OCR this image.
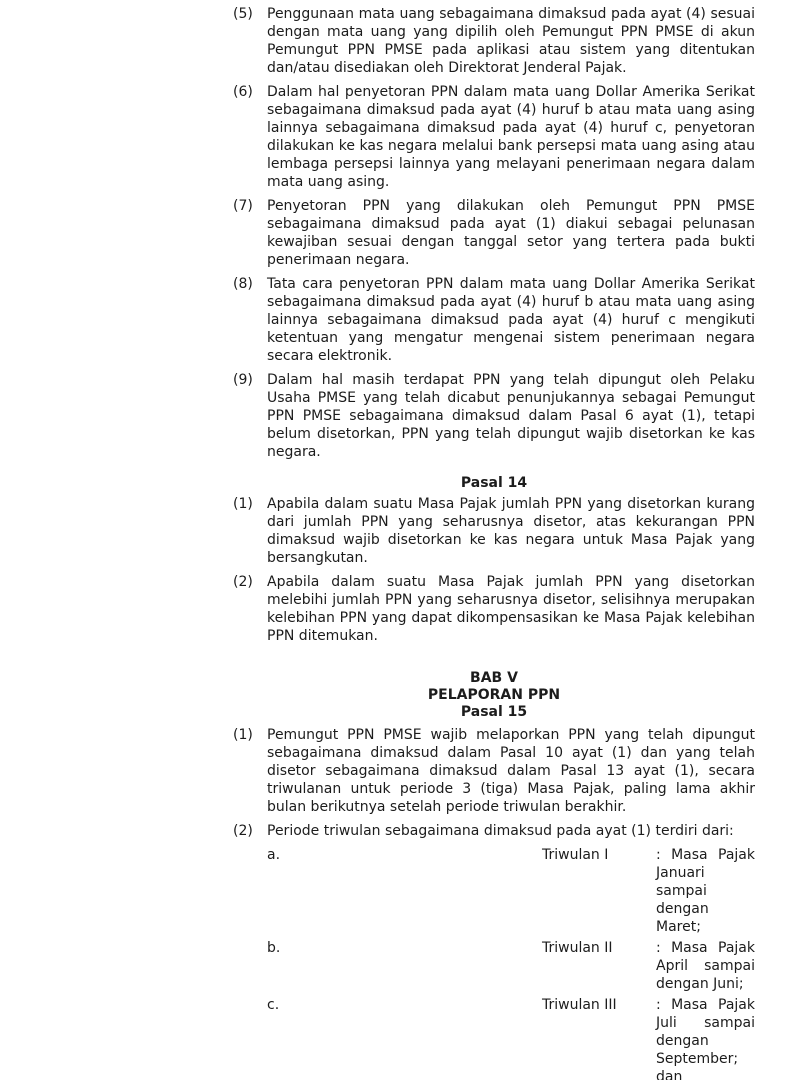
(5)	Penggunaan mata uang sebagaimana dimaksud pada ayat (4) sesuai dengan mata uang yang dipilih oleh Pemungut PPN PMSE di akun Pemungut PPN PMSE pada aplikasi atau sistem yang ditentukan dan/atau disediakan oleh Direktorat Jenderal Pajak.
(6)	Dalam hal penyetoran PPN dalam mata uang Dollar Amerika Serikat sebagaimana dimaksud pada ayat (4) huruf b atau mata uang asing lainnya sebagaimana dimaksud pada ayat (4) huruf c, penyetoran dilakukan ke kas negara melalui bank persepsi mata uang asing atau lembaga persepsi lainnya yang melayani penerimaan negara dalam mata uang asing.
(7)	Penyetoran PPN yang dilakukan oleh Pemungut PPN PMSE sebagaimana dimaksud pada ayat (1) diakui sebagai pelunasan kewajiban sesuai dengan tanggal setor yang tertera pada bukti penerimaan negara.
(8)	Tata cara penyetoran PPN dalam mata uang Dollar Amerika Serikat sebagaimana dimaksud pada ayat (4) huruf b atau mata uang asing lainnya sebagaimana dimaksud pada ayat (4) huruf c mengikuti ketentuan yang mengatur mengenai sistem penerimaan negara secara elektronik.
(9)	Dalam hal masih terdapat PPN yang telah dipungut oleh Pelaku Usaha PMSE yang telah dicabut penunjukannya sebagai Pemungut PPN PMSE sebagaimana dimaksud dalam Pasal 6 ayat (1), tetapi belum disetorkan, PPN yang telah dipungut wajib disetorkan ke kas negara.
Pasal 14
(1)	Apabila dalam suatu Masa Pajak jumlah PPN yang disetorkan kurang dari jumlah PPN yang seharusnya disetor, atas kekurangan PPN dimaksud wajib disetorkan ke kas negara untuk Masa Pajak yang bersangkutan.
(2)	Apabila dalam suatu Masa Pajak jumlah PPN yang disetorkan melebihi jumlah PPN yang seharusnya disetor, selisihnya merupakan kelebihan PPN yang dapat dikompensasikan ke Masa Pajak kelebihan PPN ditemukan.
BAB V
PELAPORAN PPN
Pasal 15
(1)	Pemungut PPN PMSE wajib melaporkan PPN yang telah dipungut sebagaimana dimaksud dalam Pasal 10 ayat (1) dan yang telah disetor sebagaimana dimaksud dalam Pasal 13 ayat (1), secara triwulanan untuk periode 3 (tiga) Masa Pajak, paling lama akhir bulan berikutnya setelah periode triwulan berakhir.
(2)	Periode triwulan sebagaimana dimaksud pada ayat (1) terdiri dari:
a.	Triwulan I	: Masa Pajak
Januari
sampai
dengan
Maret;
b.	Triwulan II	: Masa Pajak
April sampai
dengan Juni;
c.	Triwulan III	: Masa Pajak
Juli sampai
dengan
September;
dan
